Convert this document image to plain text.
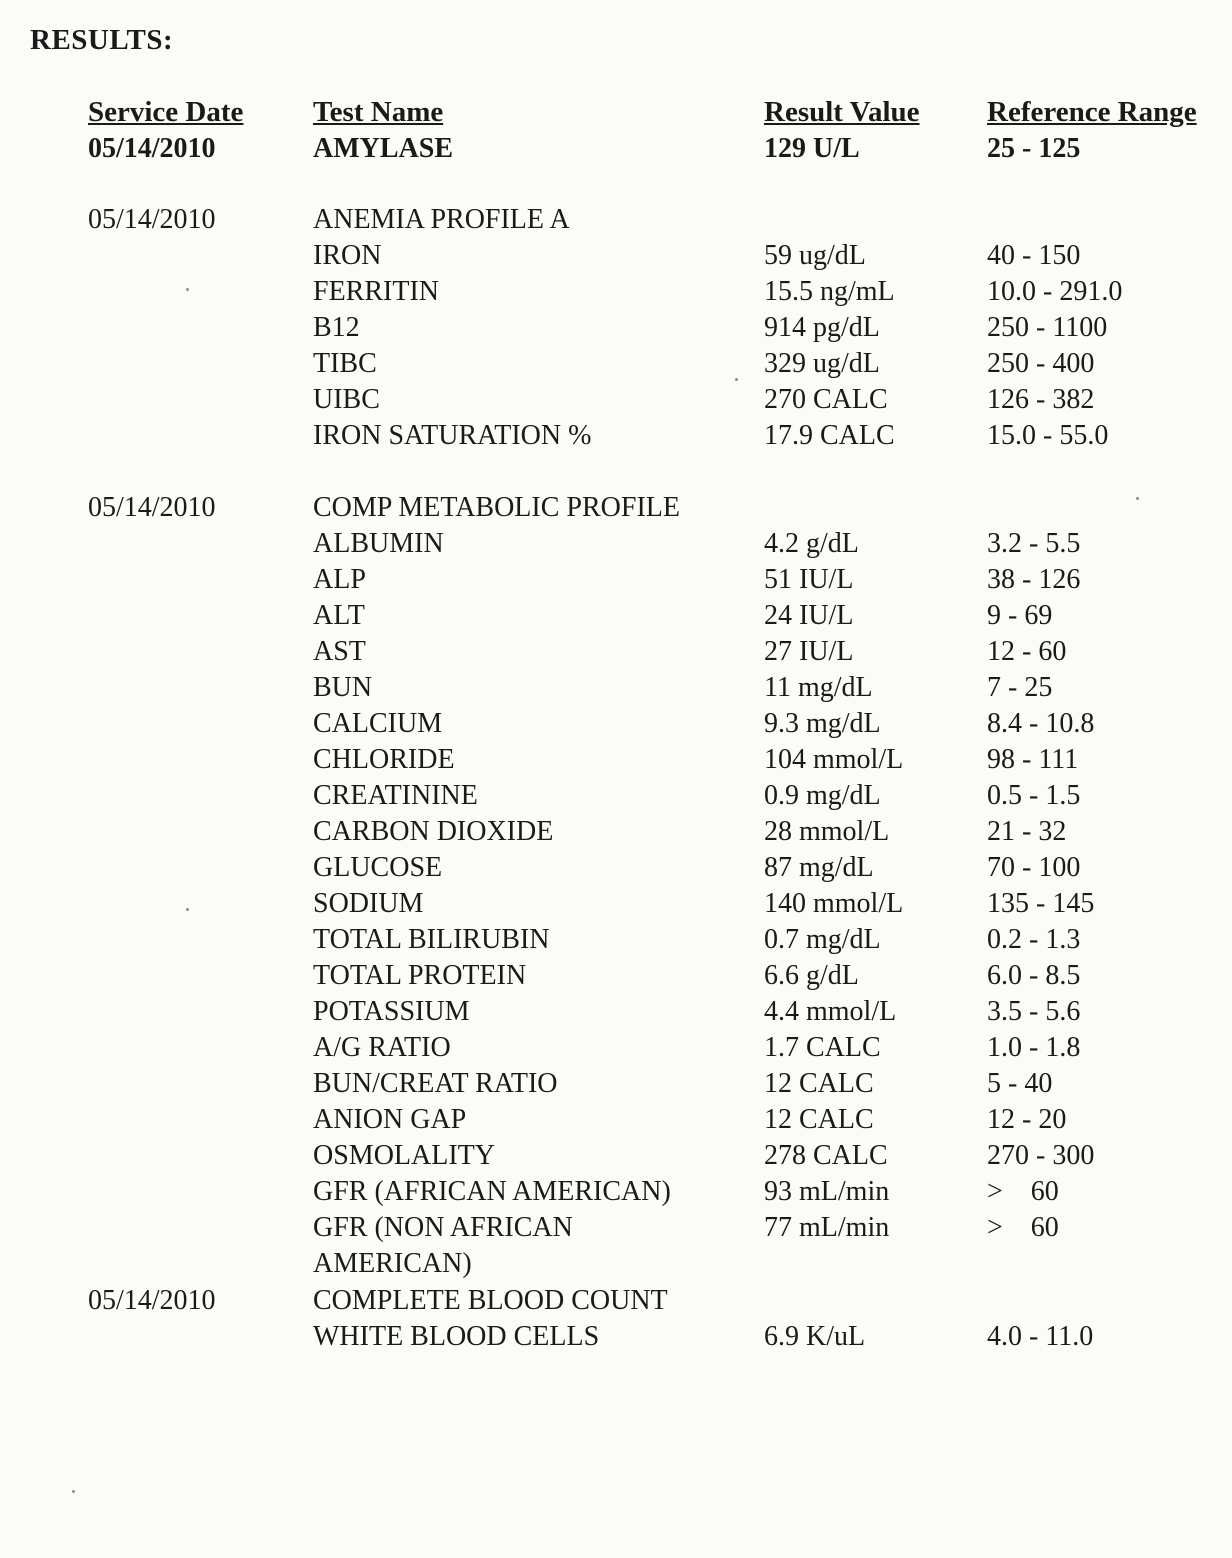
RESULTS:
Service Date Test Name	Result Value Reference Range
05/14/2010	AMYLASE	129 U/L	25 - 125
05/14/2010	ANEMIA PROFILE A
IRON	59 ug/dL	40 - 150
FERRITIN	15.5 ng/mL	10.0 - 291.0
B12	914 pg/dL	250 - 1100
TIBC	329 ug/dL	250 - 400
UIBC	270 CALC	126 - 382
IRON SATURATION %	17.9 CALC	15.0 - 55.0
05/14/2010	COMP METABOLIC PROFILE
ALBUMIN	4.2 g/dL	3.2 - 5.5
ALP	51 IU/L	38 - 126
ALT	24 IU/L	9 - 69
AST	27 IU/L	12 - 60
BUN	11 mg/dL	7 - 25
CALCIUM	9.3 mg/dL	8.4 - 10.8
CHLORIDE	104 mmol/L	98 - 111
CREATININE	0.9 mg/dL	0.5 - 1.5
CARBON DIOXIDE	28 mmol/L	21 - 32
GLUCOSE	87 mg/dL	70 - 100
SODIUM	140 mmol/L	135 - 145
TOTAL BILIRUBIN	0.7 mg/dL	0.2 - 1.3
TOTAL PROTEIN	6.6 g/dL	6.0 - 8.5
POTASSIUM	4.4 mmol/L	3.5 - 5.6
A/G RATIO	1.7 CALC	1.0 - 1.8
BUN/CREAT RATIO	12 CALC	5 - 40
ANION GAP	12 CALC	12 - 20
OSMOLALITY	278 CALC	270 - 300
GFR (AFRICAN AMERICAN)	93 mL/min	>    60
GFR (NON AFRICAN	77 mL/min	>    60
AMERICAN)
05/14/2010	COMPLETE BLOOD COUNT
WHITE BLOOD CELLS	6.9 K/uL	4.0 - 11.0
